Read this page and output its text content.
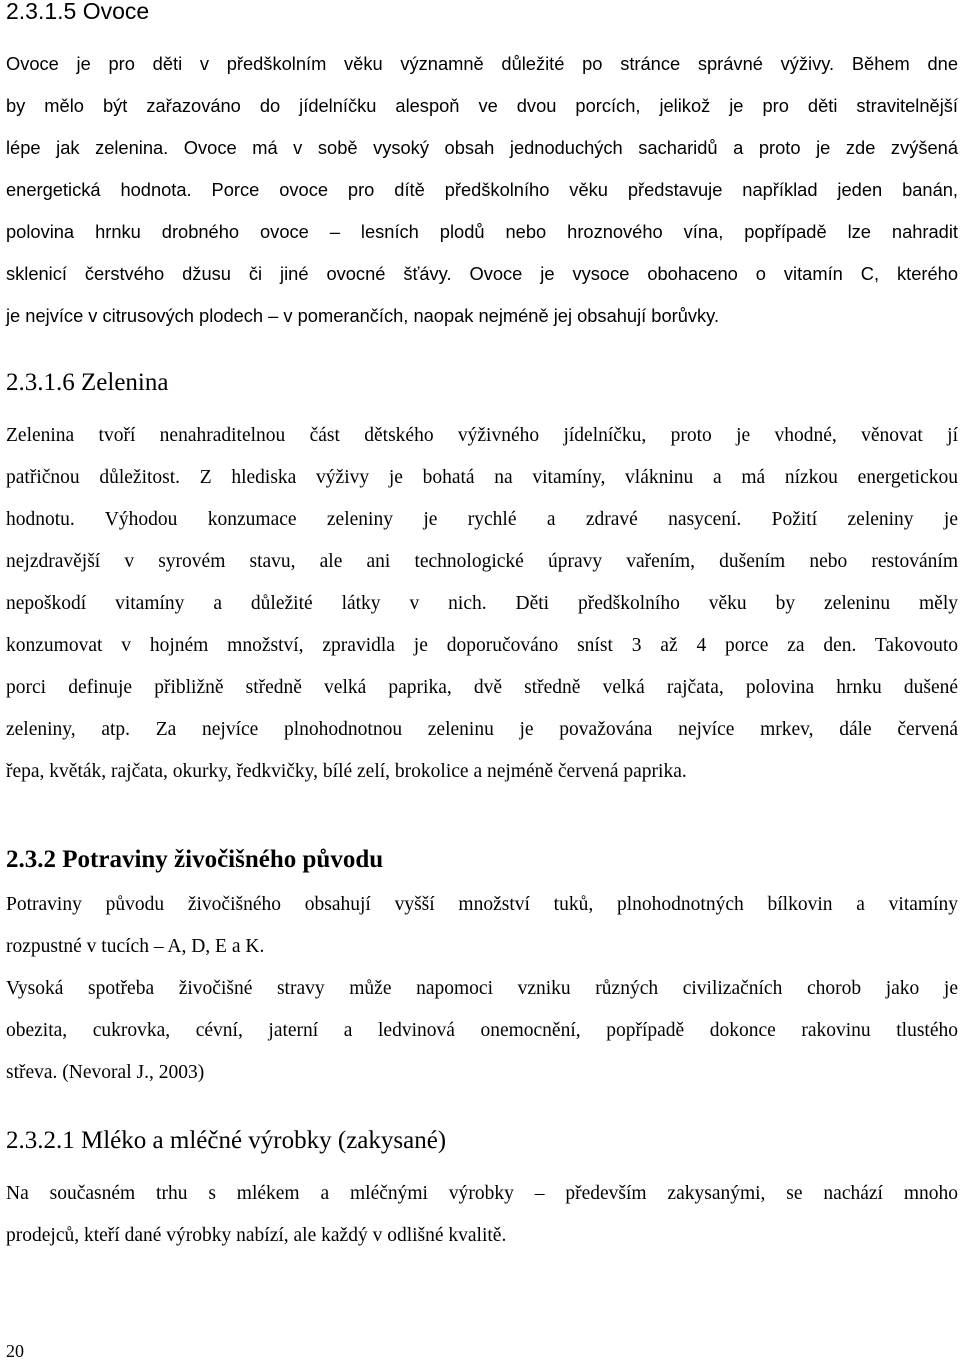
2.3.1.5 Ovoce
Ovoce je pro děti v předškolním věku významně důležité po stránce správné výživy. Během dne
by mělo být zařazováno do jídelníčku alespoň ve dvou porcích, jelikož je pro děti stravitelnější
lépe jak zelenina. Ovoce má v sobě vysoký obsah jednoduchých sacharidů a proto je zde zvýšená
energetická hodnota. Porce ovoce pro dítě předškolního věku představuje například jeden banán,
polovina hrnku drobného ovoce – lesních plodů nebo hroznového vína, popřípadě lze nahradit
sklenicí čerstvého džusu či jiné ovocné šťávy. Ovoce je vysoce obohaceno o vitamín C, kterého
je nejvíce v citrusových plodech – v pomerančích, naopak nejméně jej obsahují borůvky.
2.3.1.6 Zelenina
Zelenina tvoří nenahraditelnou část dětského výživného jídelníčku, proto je vhodné, věnovat jí
patřičnou důležitost. Z hlediska výživy je bohatá na vitamíny, vlákninu a má nízkou energetickou
hodnotu. Výhodou konzumace zeleniny je rychlé a zdravé nasycení. Požití zeleniny je
nejzdravější v syrovém stavu, ale ani technologické úpravy vařením, dušením nebo restováním
nepoškodí vitamíny a důležité látky v nich. Děti předškolního věku by zeleninu měly
konzumovat v hojném množství, zpravidla je doporučováno sníst 3 až 4 porce za den. Takovouto
porci definuje přibližně středně velká paprika, dvě středně velká rajčata, polovina hrnku dušené
zeleniny, atp. Za nejvíce plnohodnotnou zeleninu je považována nejvíce mrkev, dále červená
řepa, květák, rajčata, okurky, ředkvičky, bílé zelí, brokolice a nejméně červená paprika.
2.3.2 Potraviny živočišného původu
Potraviny původu živočišného obsahují vyšší množství tuků, plnohodnotných bílkovin a vitamíny
rozpustné v tucích – A, D, E a K.
Vysoká spotřeba živočišné stravy může napomoci vzniku různých civilizačních chorob jako je
obezita, cukrovka, cévní, jaterní a ledvinová onemocnění, popřípadě dokonce rakovinu tlustého
střeva. (Nevoral J., 2003)
2.3.2.1 Mléko a mléčné výrobky (zakysané)
Na současném trhu s mlékem a mléčnými výrobky – především zakysanými, se nachází mnoho
prodejců, kteří dané výrobky nabízí, ale každý v odlišné kvalitě.
20
